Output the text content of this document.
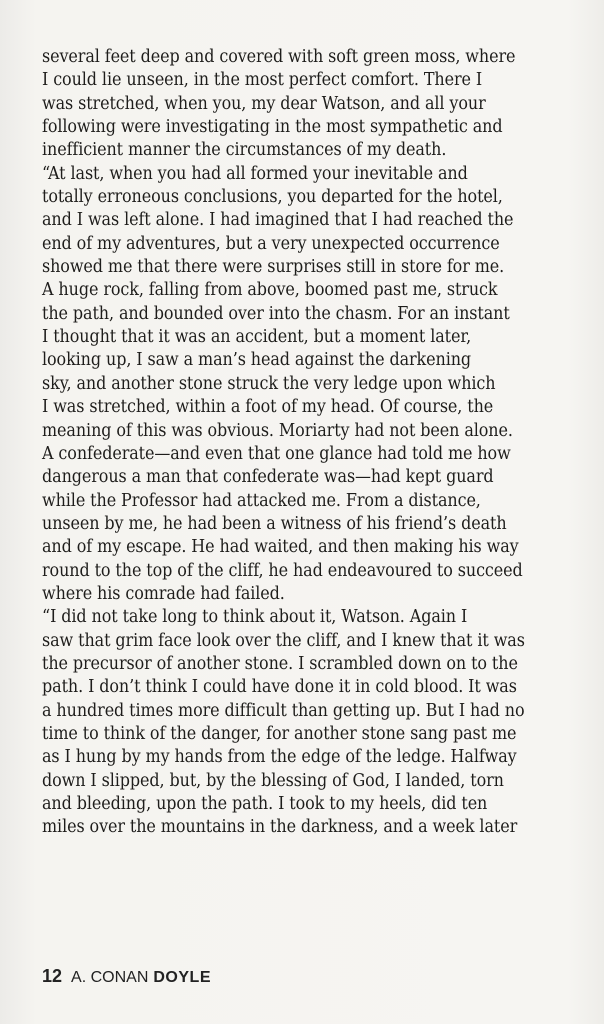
several feet deep and covered with soft green moss, where
I could lie unseen, in the most perfect comfort. There I
was stretched, when you, my dear Watson, and all your
following were investigating in the most sympathetic and
inefficient manner the circumstances of my death.
“At last, when you had all formed your inevitable and
totally erroneous conclusions, you departed for the hotel,
and I was left alone. I had imagined that I had reached the
end of my adventures, but a very unexpected occurrence
showed me that there were surprises still in store for me.
A huge rock, falling from above, boomed past me, struck
the path, and bounded over into the chasm. For an instant
I thought that it was an accident, but a moment later,
looking up, I saw a man’s head against the darkening
sky, and another stone struck the very ledge upon which
I was stretched, within a foot of my head. Of course, the
meaning of this was obvious. Moriarty had not been alone.
A confederate—and even that one glance had told me how
dangerous a man that confederate was—had kept guard
while the Professor had attacked me. From a distance,
unseen by me, he had been a witness of his friend’s death
and of my escape. He had waited, and then making his way
round to the top of the cliff, he had endeavoured to succeed
where his comrade had failed.
“I did not take long to think about it, Watson. Again I
saw that grim face look over the cliff, and I knew that it was
the precursor of another stone. I scrambled down on to the
path. I don’t think I could have done it in cold blood. It was
a hundred times more difficult than getting up. But I had no
time to think of the danger, for another stone sang past me
as I hung by my hands from the edge of the ledge. Halfway
down I slipped, but, by the blessing of God, I landed, torn
and bleeding, upon the path. I took to my heels, did ten
miles over the mountains in the darkness, and a week later
12 A. CONAN DOYLE
